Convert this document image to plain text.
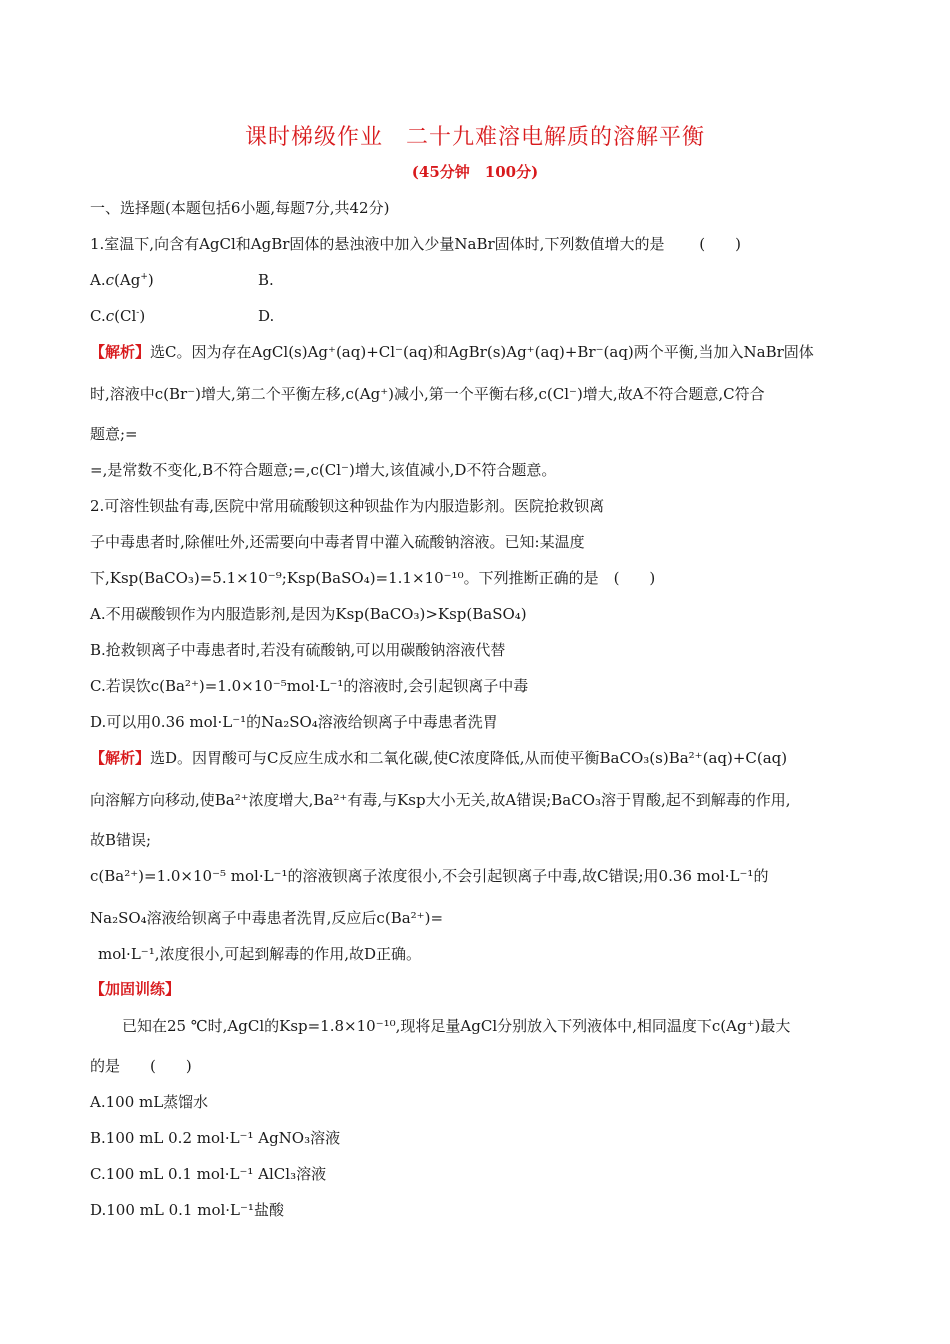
课时梯级作业　二十九难溶电解质的溶解平衡
(45分钟　100分)
一、选择题(本题包括6小题,每题7分,共42分)
1.室温下,向含有AgCl和AgBr固体的悬浊液中加入少量NaBr固体时,下列数值增大的是 (　　)
A.c(Ag+)	B.
C.c(Cl-)	D.
【解析】选C。因为存在AgCl(s)Ag⁺(aq)+Cl⁻(aq)和AgBr(s)Ag⁺(aq)+Br⁻(aq)两个平衡,当加入NaBr固体
时,溶液中c(Br⁻)增大,第二个平衡左移,c(Ag⁺)减小,第一个平衡右移,c(Cl⁻)增大,故A不符合题意,C符合
题意;=
=,是常数不变化,B不符合题意;=,c(Cl⁻)增大,该值减小,D不符合题意。
2.可溶性钡盐有毒,医院中常用硫酸钡这种钡盐作为内服造影剂。医院抢救钡离
子中毒患者时,除催吐外,还需要向中毒者胃中灌入硫酸钠溶液。已知:某温度
下,Ksp(BaCO₃)=5.1×10⁻⁹;Ksp(BaSO₄)=1.1×10⁻¹⁰。下列推断正确的是　(　　)
A.不用碳酸钡作为内服造影剂,是因为Ksp(BaCO₃)>Ksp(BaSO₄)
B.抢救钡离子中毒患者时,若没有硫酸钠,可以用碳酸钠溶液代替
C.若误饮c(Ba²⁺)=1.0×10⁻⁵mol·L⁻¹的溶液时,会引起钡离子中毒
D.可以用0.36 mol·L⁻¹的Na₂SO₄溶液给钡离子中毒患者洗胃
【解析】选D。因胃酸可与C反应生成水和二氧化碳,使C浓度降低,从而使平衡BaCO₃(s)Ba²⁺(aq)+C(aq)
向溶解方向移动,使Ba²⁺浓度增大,Ba²⁺有毒,与Ksp大小无关,故A错误;BaCO₃溶于胃酸,起不到解毒的作用,
故B错误;
c(Ba²⁺)=1.0×10⁻⁵ mol·L⁻¹的溶液钡离子浓度很小,不会引起钡离子中毒,故C错误;用0.36 mol·L⁻¹的
Na₂SO₄溶液给钡离子中毒患者洗胃,反应后c(Ba²⁺)=
mol·L⁻¹,浓度很小,可起到解毒的作用,故D正确。
【加固训练】
已知在25 ℃时,AgCl的Ksp=1.8×10⁻¹⁰,现将足量AgCl分别放入下列液体中,相同温度下c(Ag⁺)最大
的是　　(　　)
A.100 mL蒸馏水
B.100 mL 0.2 mol·L⁻¹ AgNO₃溶液
C.100 mL 0.1 mol·L⁻¹ AlCl₃溶液
D.100 mL 0.1 mol·L⁻¹盐酸
